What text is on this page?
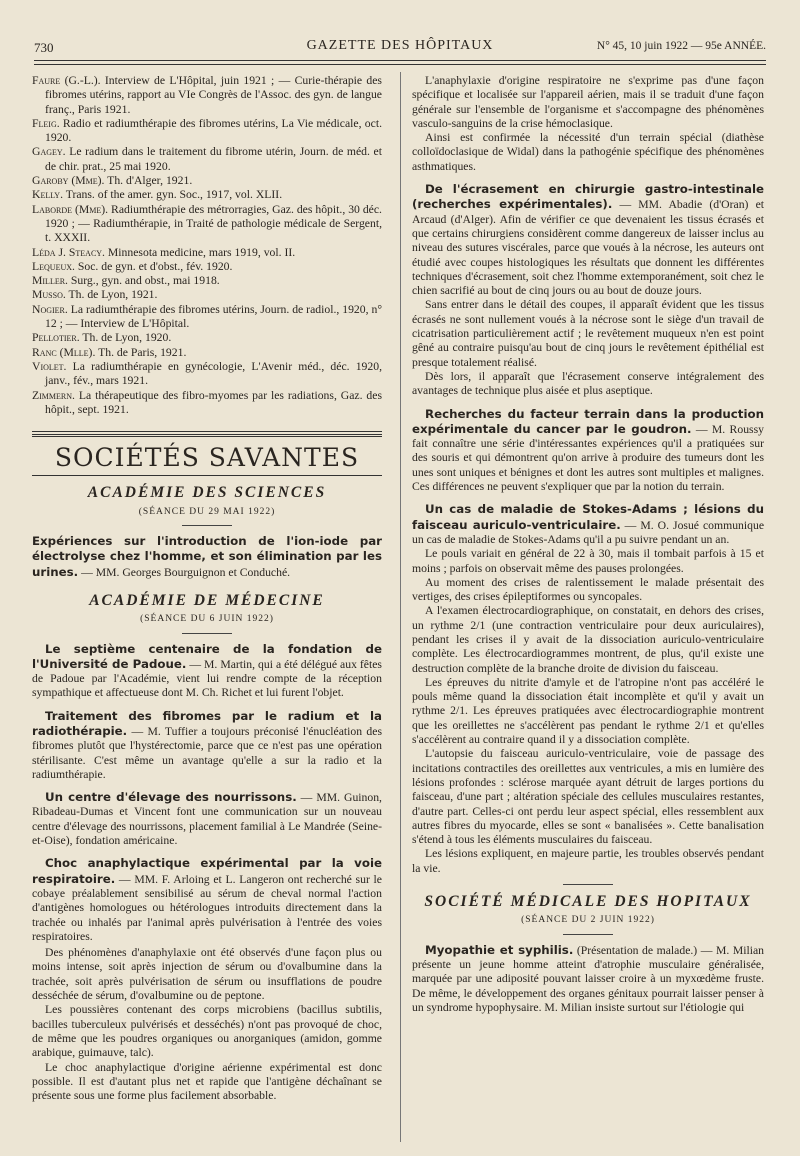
730	GAZETTE DES HÔPITAUX	N° 45, 10 juin 1922 — 95e ANNÉE.

Faure (G.-L.). Interview de L'Hôpital, juin 1921 ; — Curie-thérapie des fibromes utérins, rapport au VIe Congrès de l'Assoc. des gyn. de langue franç., Paris 1921.

Fleig. Radio et radiumthérapie des fibromes utérins, La Vie médicale, oct. 1920.

Gagey. Le radium dans le traitement du fibrome utérin, Journ. de méd. et de chir. prat., 25 mai 1920.

Garoby (Mme). Th. d'Alger, 1921.

Kelly. Trans. of the amer. gyn. Soc., 1917, vol. XLII.

Laborde (Mme). Radiumthérapie des métrorragies, Gaz. des hôpit., 30 déc. 1920 ; — Radiumthérapie, in Traité de pathologie médicale de Sergent, t. XXXII.

Léda J. Steacy. Minnesota medicine, mars 1919, vol. II.

Lequeux. Soc. de gyn. et d'obst., fév. 1920.

Miller. Surg., gyn. and obst., mai 1918.

Musso. Th. de Lyon, 1921.

Nogier. La radiumthérapie des fibromes utérins, Journ. de radiol., 1920, n° 12 ; — Interview de L'Hôpital.

Pellotier. Th. de Lyon, 1920.

Ranc (Mlle). Th. de Paris, 1921.

Violet. La radiumthérapie en gynécologie, L'Avenir méd., déc. 1920, janv., fév., mars 1921.

Zimmern. La thérapeutique des fibro-myomes par les radiations, Gaz. des hôpit., sept. 1921.

SOCIÉTÉS SAVANTES
ACADÉMIE DES SCIENCES
(SÉANCE DU 29 MAI 1922)

Expériences sur l'introduction de l'ion-iode par électrolyse chez l'homme, et son élimination par les urines. — MM. Georges Bourguignon et Conduché.

ACADÉMIE DE MÉDECINE
(SÉANCE DU 6 JUIN 1922)

Le septième centenaire de la fondation de l'Université de Padoue. — M. Martin, qui a été délégué aux fêtes de Padoue par l'Académie, vient lui rendre compte de la réception sympathique et affectueuse dont M. Ch. Richet et lui furent l'objet.

Traitement des fibromes par le radium et la radiothérapie. — M. Tuffier a toujours préconisé l'énucléation des fibromes plutôt que l'hystérectomie, parce que ce n'est pas une opération stérilisante. C'est même un avantage qu'elle a sur la radio et la radiumthérapie.

Un centre d'élevage des nourrissons. — MM. Guinon, Ribadeau-Dumas et Vincent font une communication sur un nouveau centre d'élevage des nourrissons, placement familial à Le Mandrée (Seine-et-Oise), fondation américaine.

Choc anaphylactique expérimental par la voie respiratoire. — MM. F. Arloing et L. Langeron ont recherché sur le cobaye préalablement sensibilisé au sérum de cheval normal l'action d'antigènes homologues ou hétérologues introduits directement dans la trachée ou inhalés par l'animal après pulvérisation à l'entrée des voies respiratoires.

Des phénomènes d'anaphylaxie ont été observés d'une façon plus ou moins intense, soit après injection de sérum ou d'ovalbumine dans la trachée, soit après pulvérisation de sérum ou insufflations de poudre desséchée de sérum, d'ovalbumine ou de peptone.

Les poussières contenant des corps microbiens (bacillus subtilis, bacilles tuberculeux pulvérisés et desséchés) n'ont pas provoqué de choc, de même que les poudres organiques ou anorganiques (amidon, gomme arabique, guimauve, talc).

Le choc anaphylactique d'origine aérienne expérimental est donc possible. Il est d'autant plus net et rapide que l'antigène déchaînant se présente sous une forme plus facilement absorbable.

L'anaphylaxie d'origine respiratoire ne s'exprime pas d'une façon spécifique et localisée sur l'appareil aérien, mais il se traduit d'une façon générale sur l'ensemble de l'organisme et s'accompagne des phénomènes vasculo-sanguins de la crise hémoclasique.

Ainsi est confirmée la nécessité d'un terrain spécial (diathèse colloïdoclasique de Widal) dans la pathogénie spécifique des phénomènes asthmatiques.

De l'écrasement en chirurgie gastro-intestinale (recherches expérimentales). — MM. Abadie (d'Oran) et Arcaud (d'Alger). Afin de vérifier ce que devenaient les tissus écrasés et que certains chirurgiens considèrent comme dangereux de laisser inclus au niveau des sutures viscérales, parce que voués à la nécrose, les auteurs ont étudié avec coupes histologiques les résultats que donnent les différentes techniques d'écrasement, soit chez l'homme extemporanément, soit chez le chien sacrifié au bout de cinq jours ou au bout de douze jours.

Sans entrer dans le détail des coupes, il apparaît évident que les tissus écrasés ne sont nullement voués à la nécrose sont le siège d'un travail de cicatrisation particulièrement actif ; le revêtement muqueux n'en est point gêné au contraire puisqu'au bout de cinq jours le revêtement épithélial est presque totalement réalisé.

Dès lors, il apparaît que l'écrasement conserve intégralement des avantages de technique plus aisée et plus aseptique.

Recherches du facteur terrain dans la production expérimentale du cancer par le goudron. — M. Roussy fait connaître une série d'intéressantes expériences qu'il a pratiquées sur des souris et qui démontrent qu'on arrive à produire des tumeurs dont les unes sont uniques et bénignes et dont les autres sont multiples et malignes. Ces différences ne peuvent s'expliquer que par la notion du terrain.

Un cas de maladie de Stokes-Adams ; lésions du faisceau auriculo-ventriculaire. — M. O. Josué communique un cas de maladie de Stokes-Adams qu'il a pu suivre pendant un an.

Le pouls variait en général de 22 à 30, mais il tombait parfois à 15 et moins ; parfois on observait même des pauses prolongées.

Au moment des crises de ralentissement le malade présentait des vertiges, des crises épileptiformes ou syncopales.

A l'examen électrocardiographique, on constatait, en dehors des crises, un rythme 2/1 (une contraction ventriculaire pour deux auriculaires), pendant les crises il y avait de la dissociation auriculo-ventriculaire complète. Les électrocardiogrammes montrent, de plus, qu'il existe une destruction complète de la branche droite de division du faisceau.

Les épreuves du nitrite d'amyle et de l'atropine n'ont pas accéléré le pouls même quand la dissociation était incomplète et qu'il y avait un rythme 2/1. Les épreuves pratiquées avec électrocardiographie montrent que les oreillettes ne s'accélèrent pas pendant le rythme 2/1 et qu'elles s'accélèrent au contraire quand il y a dissociation complète.

L'autopsie du faisceau auriculo-ventriculaire, voie de passage des incitations contractiles des oreillettes aux ventricules, a mis en lumière des lésions profondes : sclérose marquée ayant détruit de larges portions du faisceau, d'une part ; altération spéciale des cellules musculaires restantes, d'autre part. Celles-ci ont perdu leur aspect spécial, elles ressemblent aux autres fibres du myocarde, elles se sont « banalisées ». Cette banalisation s'étend à tous les éléments musculaires du faisceau.

Les lésions expliquent, en majeure partie, les troubles observés pendant la vie.

SOCIÉTÉ MÉDICALE DES HOPITAUX
(SÉANCE DU 2 JUIN 1922)

Myopathie et syphilis. (Présentation de malade.) — M. Milian présente un jeune homme atteint d'atrophie musculaire généralisée, marquée par une adiposité pouvant laisser croire à un myxœdème fruste. De même, le développement des organes génitaux pourrait laisser penser à un syndrome hypophysaire. M. Milian insiste surtout sur l'étiologie qui
